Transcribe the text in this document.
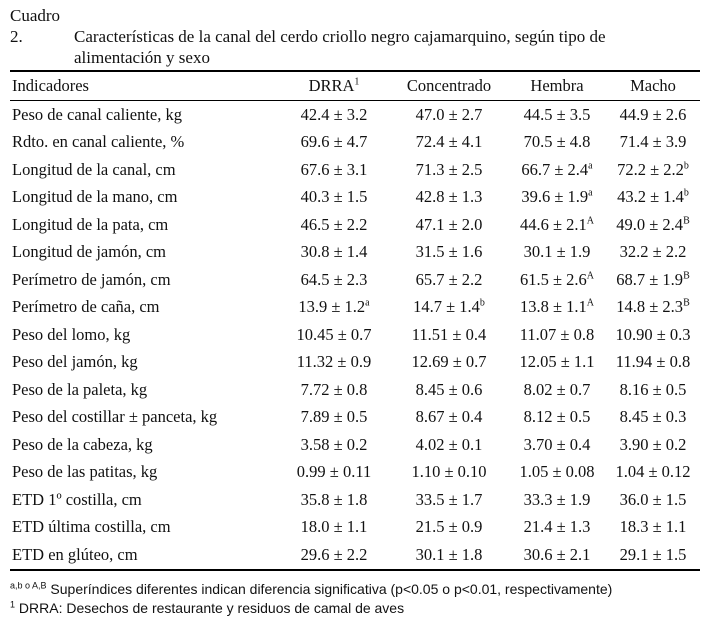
Cuadro 2.	Características de la canal del cerdo criollo negro cajamarquino, según tipo de
alimentación y sexo
Indicadores	DRRA$^1$	Concentrado	Hembra	Macho
Peso de canal caliente, kg	42.4 ± 3.2	47.0 ± 2.7	44.5 ± 3.5	44.9 ± 2.6
Rdto. en canal caliente, %	69.6 ± 4.7	72.4 ± 4.1	70.5 ± 4.8	71.4 ± 3.9
Longitud de la canal, cm	67.6 ± 3.1	71.3 ± 2.5	66.7 ± 2.4$^a$	72.2 ± 2.2$^b$
Longitud de la mano, cm	40.3 ± 1.5	42.8 ± 1.3	39.6 ± 1.9$^a$	43.2 ± 1.4$^b$
Longitud de la pata, cm	46.5 ± 2.2	47.1 ± 2.0	$44.6 \pm 2.1^A$	$49.0 \pm 2.4^B$
Longitud de jamón, cm	30.8 ± 1.4	31.5 ± 1.6	30.1 ± 1.9	32.2 ± 2.2
Perímetro de jamón, cm	64.5 ± 2.3	65.7 ± 2.2	$61.5 \pm 2.6^A$	$68.7 \pm 1.9^B$
Perímetro de caña, cm	13.9 ± 1.2$^a$	14.7 ± 1.4$^b$	$13.8 \pm 1.1^A$	$14.8 \pm 2.3^B$
Peso del lomo, kg	10.45 ± 0.7	11.51 ± 0.4	11.07 ± 0.8	10.90 ± 0.3
Peso del jamón, kg	11.32 ± 0.9	12.69 ± 0.7	12.05 ± 1.1	11.94 ± 0.8
Peso de la paleta, kg	7.72 ± 0.8	8.45 ± 0.6	8.02 ± 0.7	8.16 ± 0.5
Peso del costillar ± panceta, kg	7.89 ± 0.5	8.67 ± 0.4	8.12 ± 0.5	8.45 ± 0.3
Peso de la cabeza, kg	3.58 ± 0.2	4.02 ± 0.1	3.70 ± 0.4	3.90 ± 0.2
Peso de las patitas, kg	0.99 ± 0.11	1.10 ± 0.10	1.05 ± 0.08	1.04 ± 0.12
ETD 1º costilla, cm	35.8 ± 1.8	33.5 ± 1.7	33.3 ± 1.9	36.0 ± 1.5
ETD última costilla, cm	18.0 ± 1.1	21.5 ± 0.9	21.4 ± 1.3	18.3 ± 1.1
ETD en glúteo, cm	29.6 ± 2.2	30.1 ± 1.8	30.6 ± 2.1	29.1 ± 1.5
$^{a,b o A,B}$ Superíndices diferentes indican diferencia significativa (p<0.05 o p<0.01, respectivamente)
$^1$ DRRA: Desechos de restaurante y residuos de camal de aves
